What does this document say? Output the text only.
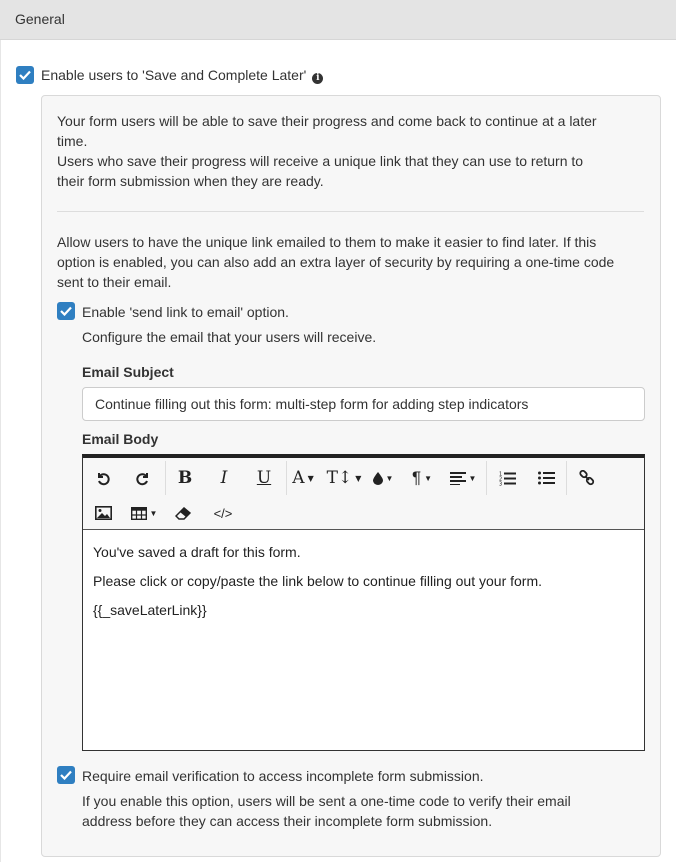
General
Enable users to 'Save and Complete Later' i
Your form users will be able to save their progress and come back to continue at a later
time.
Users who save their progress will receive a unique link that they can use to return to
their form submission when they are ready.
Allow users to have the unique link emailed to them to make it easier to find later. If this
option is enabled, you can also add an extra layer of security by requiring a one-time code
sent to their email.
Enable 'send link to email' option.
Configure the email that your users will receive.
Email Subject
Continue filling out this form: multi-step form for adding step indicators
Email Body
B	I	U	A ▼ T↕ ▼	▼ ¶ ▼	▼	1
2
3
▼	</>

You've saved a draft for this form.

Please click or copy/paste the link below to continue filling out your form.

{{_saveLaterLink}}

Require email verification to access incomplete form submission.
If you enable this option, users will be sent a one-time code to verify their email
address before they can access their incomplete form submission.
